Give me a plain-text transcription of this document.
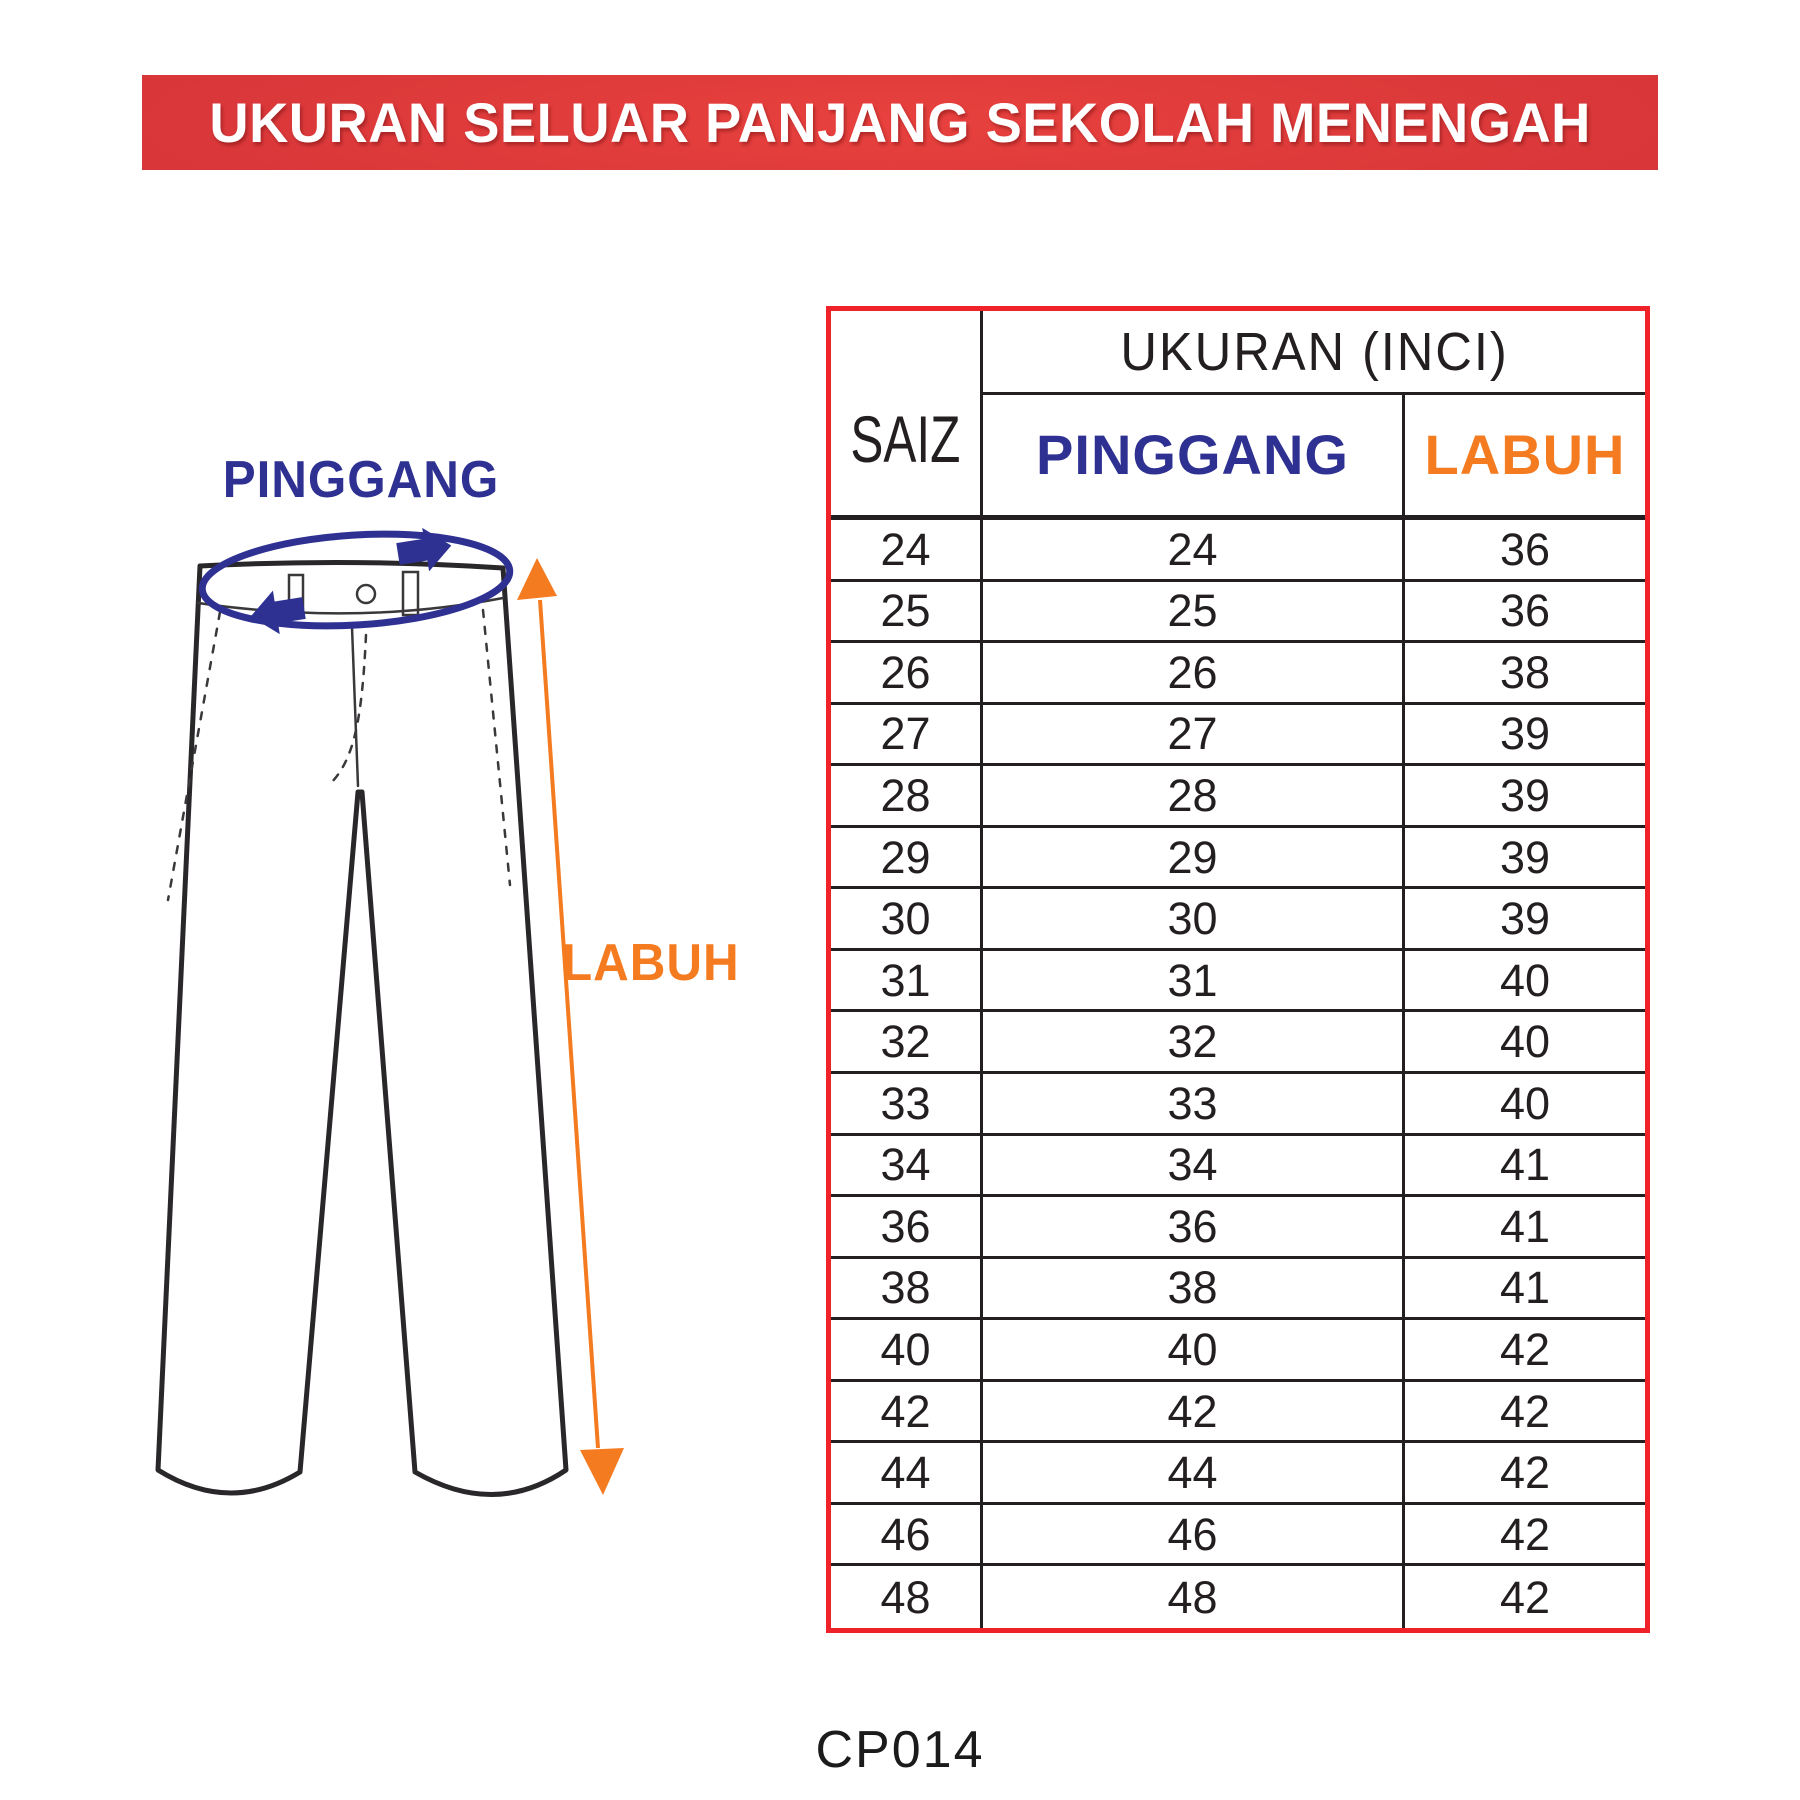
UKURAN SELUAR PANJANG SEKOLAH MENENGAH
PINGGANG
LABUH
SAIZ
UKURAN (INCI)
PINGGANG	LABUH
24	24	36
25	25	36
26	26	38
27	27	39
28	28	39
29	29	39
30	30	39
31	31	40
32	32	40
33	33	40
34	34	41
36	36	41
38	38	41
40	40	42
42	42	42
44	44	42
46	46	42
48	48	42
CP014
